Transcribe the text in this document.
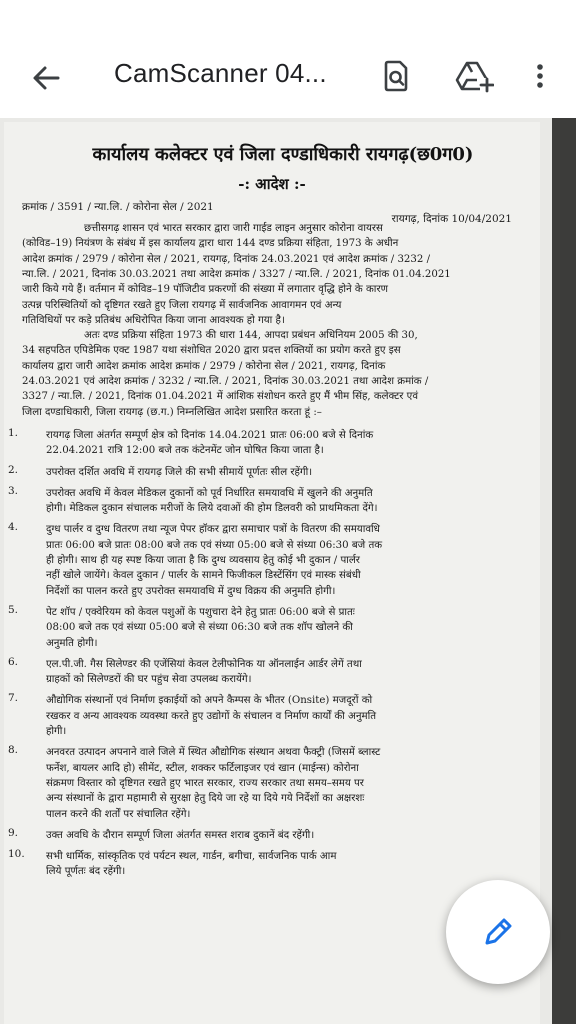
CamScanner 04...
कार्यालय कलेक्टर एवं जिला दण्डाधिकारी रायगढ़(छ0ग0)
-: आदेश :-
क्रमांक / 3591 / न्या.लि. / कोरोना सेल / 2021
रायगढ़, दिनांक 10/04/2021
छत्तीसगढ़ शासन एवं भारत सरकार द्वारा जारी गाईड लाइन अनुसार कोरोना वायरस
(कोविड–19) नियंत्रण के संबंध में इस कार्यालय द्वारा धारा 144 दण्ड प्रक्रिया संहिता, 1973 के अधीन
आदेश क्रमांक / 2979 / कोरोना सेल / 2021, रायगढ़, दिनांक 24.03.2021 एवं आदेश क्रमांक / 3232 /
न्या.लि. / 2021, दिनांक 30.03.2021 तथा आदेश क्रमांक / 3327 / न्या.लि. / 2021, दिनांक 01.04.2021
जारी किये गये हैं। वर्तमान में कोविड–19 पॉजिटीव प्रकरणों की संख्या में लगातार वृद्धि होने के कारण
उत्पन्न परिस्थितियों को दृष्टिगत रखते हुए जिला रायगढ़ में सार्वजनिक आवागमन एवं अन्य
गतिविधियों पर कड़े प्रतिबंध अधिरोपित किया जाना आवश्यक हो गया है।
अतः दण्ड प्रक्रिया संहिता 1973 की धारा 144, आपदा प्रबंधन अधिनियम 2005 की 30,
34 सहपठित एपिडेमिक एक्ट 1987 यथा संशोधित 2020 द्वारा प्रदत्त शक्तियों का प्रयोग करते हुए इस
कार्यालय द्वारा जारी आदेश क्रमांक आदेश क्रमांक / 2979 / कोरोना सेल / 2021, रायगढ़, दिनांक
24.03.2021 एवं आदेश क्रमांक / 3232 / न्या.लि. / 2021, दिनांक 30.03.2021 तथा आदेश क्रमांक /
3327 / न्या.लि. / 2021, दिनांक 01.04.2021 में आंशिक संशोधन करते हुए मैं भीम सिंह, कलेक्टर एवं
जिला दण्डाधिकारी, जिला रायगढ़ (छ.ग.) निम्नलिखित आदेश प्रसारित करता हूं :–
1.	रायगढ़ जिला अंतर्गत सम्पूर्ण क्षेत्र को दिनांक 14.04.2021 प्रातः 06:00 बजे से दिनांक
22.04.2021 रात्रि 12:00 बजे तक कंटेनमेंट जोन घोषित किया जाता है।
2.	उपरोक्त दर्शित अवधि में रायगढ़ जिले की सभी सीमायें पूर्णतः सील रहेंगी।
3.	उपरोक्त अवधि में केवल मेडिकल दुकानों को पूर्व निर्धारित समयावधि में खुलने की अनुमति
होगी। मेडिकल दुकान संचालक मरीजों के लिये दवाओं की होम डिलवरी को प्राथमिकता देंगे।
4.	दुग्ध पार्लर व दुग्ध वितरण तथा न्यूज पेपर हॉकर द्वारा समाचार पत्रों के वितरण की समयावधि
प्रातः 06:00 बजे प्रातः 08:00 बजे तक एवं संध्या 05:00 बजे से संध्या 06:30 बजे तक
ही होगी। साथ ही यह स्पष्ट किया जाता है कि दुग्ध व्यवसाय हेतु कोई भी दुकान / पार्लर
नहीं खोले जायेंगे। केवल दुकान / पार्लर के सामने फिजीकल डिस्टेंसिंग एवं मास्क संबंधी
निर्देशों का पालन करते हुए उपरोक्त समयावधि में दुग्ध विक्रय की अनुमति होगी।
5.	पेट शॉप / एक्वेरियम को केवल पशुओं के पशुचारा देने हेतु प्रातः 06:00 बजे से प्रातः
08:00 बजे तक एवं संध्या 05:00 बजे से संध्या 06:30 बजे तक शॉप खोलने की
अनुमति होगी।
6.	एल.पी.जी. गैस सिलेण्डर की एजेंसियां केवल टेलीफोनिक या ऑनलाईन आर्डर लेगें तथा
ग्राहकों को सिलेण्डरों की घर पहुंच सेवा उपलब्ध करायेंगे।
7.	औद्योगिक संस्थानों एवं निर्माण इकाईयों को अपने कैम्पस के भीतर (Onsite) मजदूरों को
रखकर व अन्य आवश्यक व्यवस्था करते हुए उद्योगों के संचालन व निर्माण कार्यों की अनुमति
होगी।
8.	अनवरत उत्पादन अपनाने वाले जिले में स्थित औद्योगिक संस्थान अथवा फैक्ट्री (जिसमें ब्लास्ट
फर्नेश, बायलर आदि हो) सीमेंट, स्टील, शक्कर फर्टिलाइजर एवं खान (माईन्स) कोरोना
संक्रमण विस्तार को दृष्टिगत रखते हुए भारत सरकार, राज्य सरकार तथा समय–समय पर
अन्य संस्थानों के द्वारा महामारी से सुरक्षा हेतु दिये जा रहे या दिये गये निर्देशों का अक्षरशः
पालन करने की शर्तों पर संचालित रहेंगे।
9.	उक्त अवधि के दौरान सम्पूर्ण जिला अंतर्गत समस्त शराब दुकानें बंद रहेंगी।
10. सभी धार्मिक, सांस्कृतिक एवं पर्यटन स्थल, गार्डन, बगीचा, सार्वजनिक पार्क आम
लिये पूर्णतः बंद रहेंगी।
